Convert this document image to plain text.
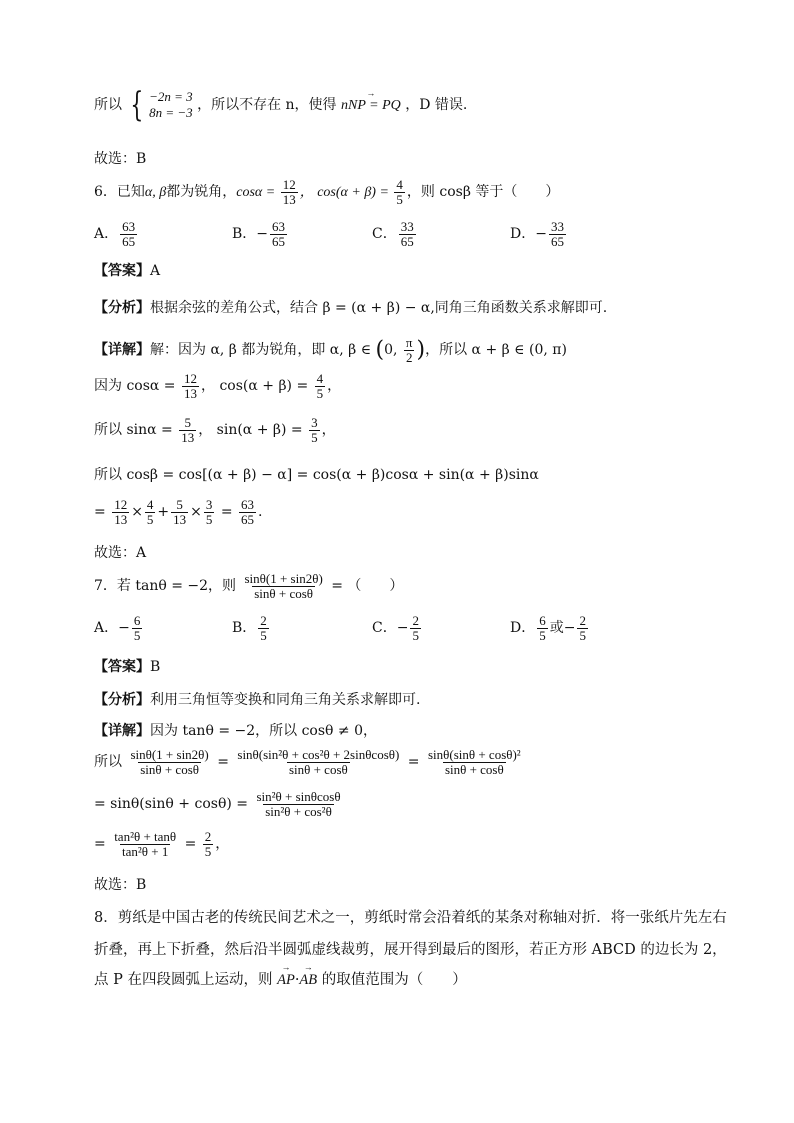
所以 { −2n = 3
8n = −3 ，所以不存在 n，使得 → nNP = PQ ，D 错误.
故选：B
6．已知α, β都为锐角，$\cos\alpha = \frac{12}{13}$ ， $\cos(\alpha + \beta) = \frac{4}{5}$ ，则 cosβ 等于（　　）
A． $\frac{63}{65}$	B．− $\frac{63}{65}$	C． $\frac{33}{65}$	D．− $\frac{33}{65}$
【答案】A
【分析】根据余弦的差角公式，结合 β = (α + β) − α,同角三角函数关系求解即可.
【详解】解：因为 α, β 都为锐角，即 α, β ∈ (0, $\frac{\pi}{2}$ )，所以 α + β ∈ (0, π)
因为 $\cos\alpha = \frac{12}{13}$ ， $\cos(\alpha + \beta) = \frac{4}{5}$ ，
所以 $\sin\alpha = \frac{5}{13}$ ， $\sin(\alpha + \beta) = \frac{3}{5}$ ，
所以 cosβ = cos[(α + β) − α] = cos(α + β)cosα + sin(α + β)sinα
= $\frac{12}{13} \times \frac{4}{5} + \frac{5}{13} \times \frac{3}{5} = \frac{63}{65}$ .
故选：A
7．若 tanθ = −2，则 $\frac{\sin\theta(1 + \sin 2\theta)}{\sin\theta + \cos\theta}$ = （　　）
A．− $\frac{6}{5}$	B． $\frac{2}{5}$	C．− $\frac{2}{5}$	D． $\frac{6}{5}$ 或− $\frac{2}{5}$
【答案】B
【分析】利用三角恒等变换和同角三角关系求解即可.
【详解】因为 tanθ = −2，所以 cosθ ≠ 0，
所以 $\frac{\sin\theta(1 + \sin 2\theta)}{\sin\theta + \cos\theta} = \frac{\text{sinθ(sin²θ + cos²θ + 2sinθcosθ)}}{\sin\theta + \cos\theta} = \frac{\text{sinθ(sinθ + cosθ)²}}{\sin\theta + \cos\theta}$
= $\sin\theta(\sin\theta + \cos\theta) = \frac{\text{sin²θ + sinθcosθ}}{\text{sin²θ + cos²θ}}$
= $\frac{\text{tan²θ + tanθ}}{\text{tan²θ + 1}} = \frac{2}{5}$ ，
故选：B
8．剪纸是中国古老的传统民间艺术之一，剪纸时常会沿着纸的某条对称轴对折．将一张纸片先左右
折叠，再上下折叠，然后沿半圆弧虚线裁剪，展开得到最后的图形，若正方形 ABCD 的边长为 2，
点 P 在四段圆弧上运动，则 → AP·→ AB 的取值范围为（　　）
